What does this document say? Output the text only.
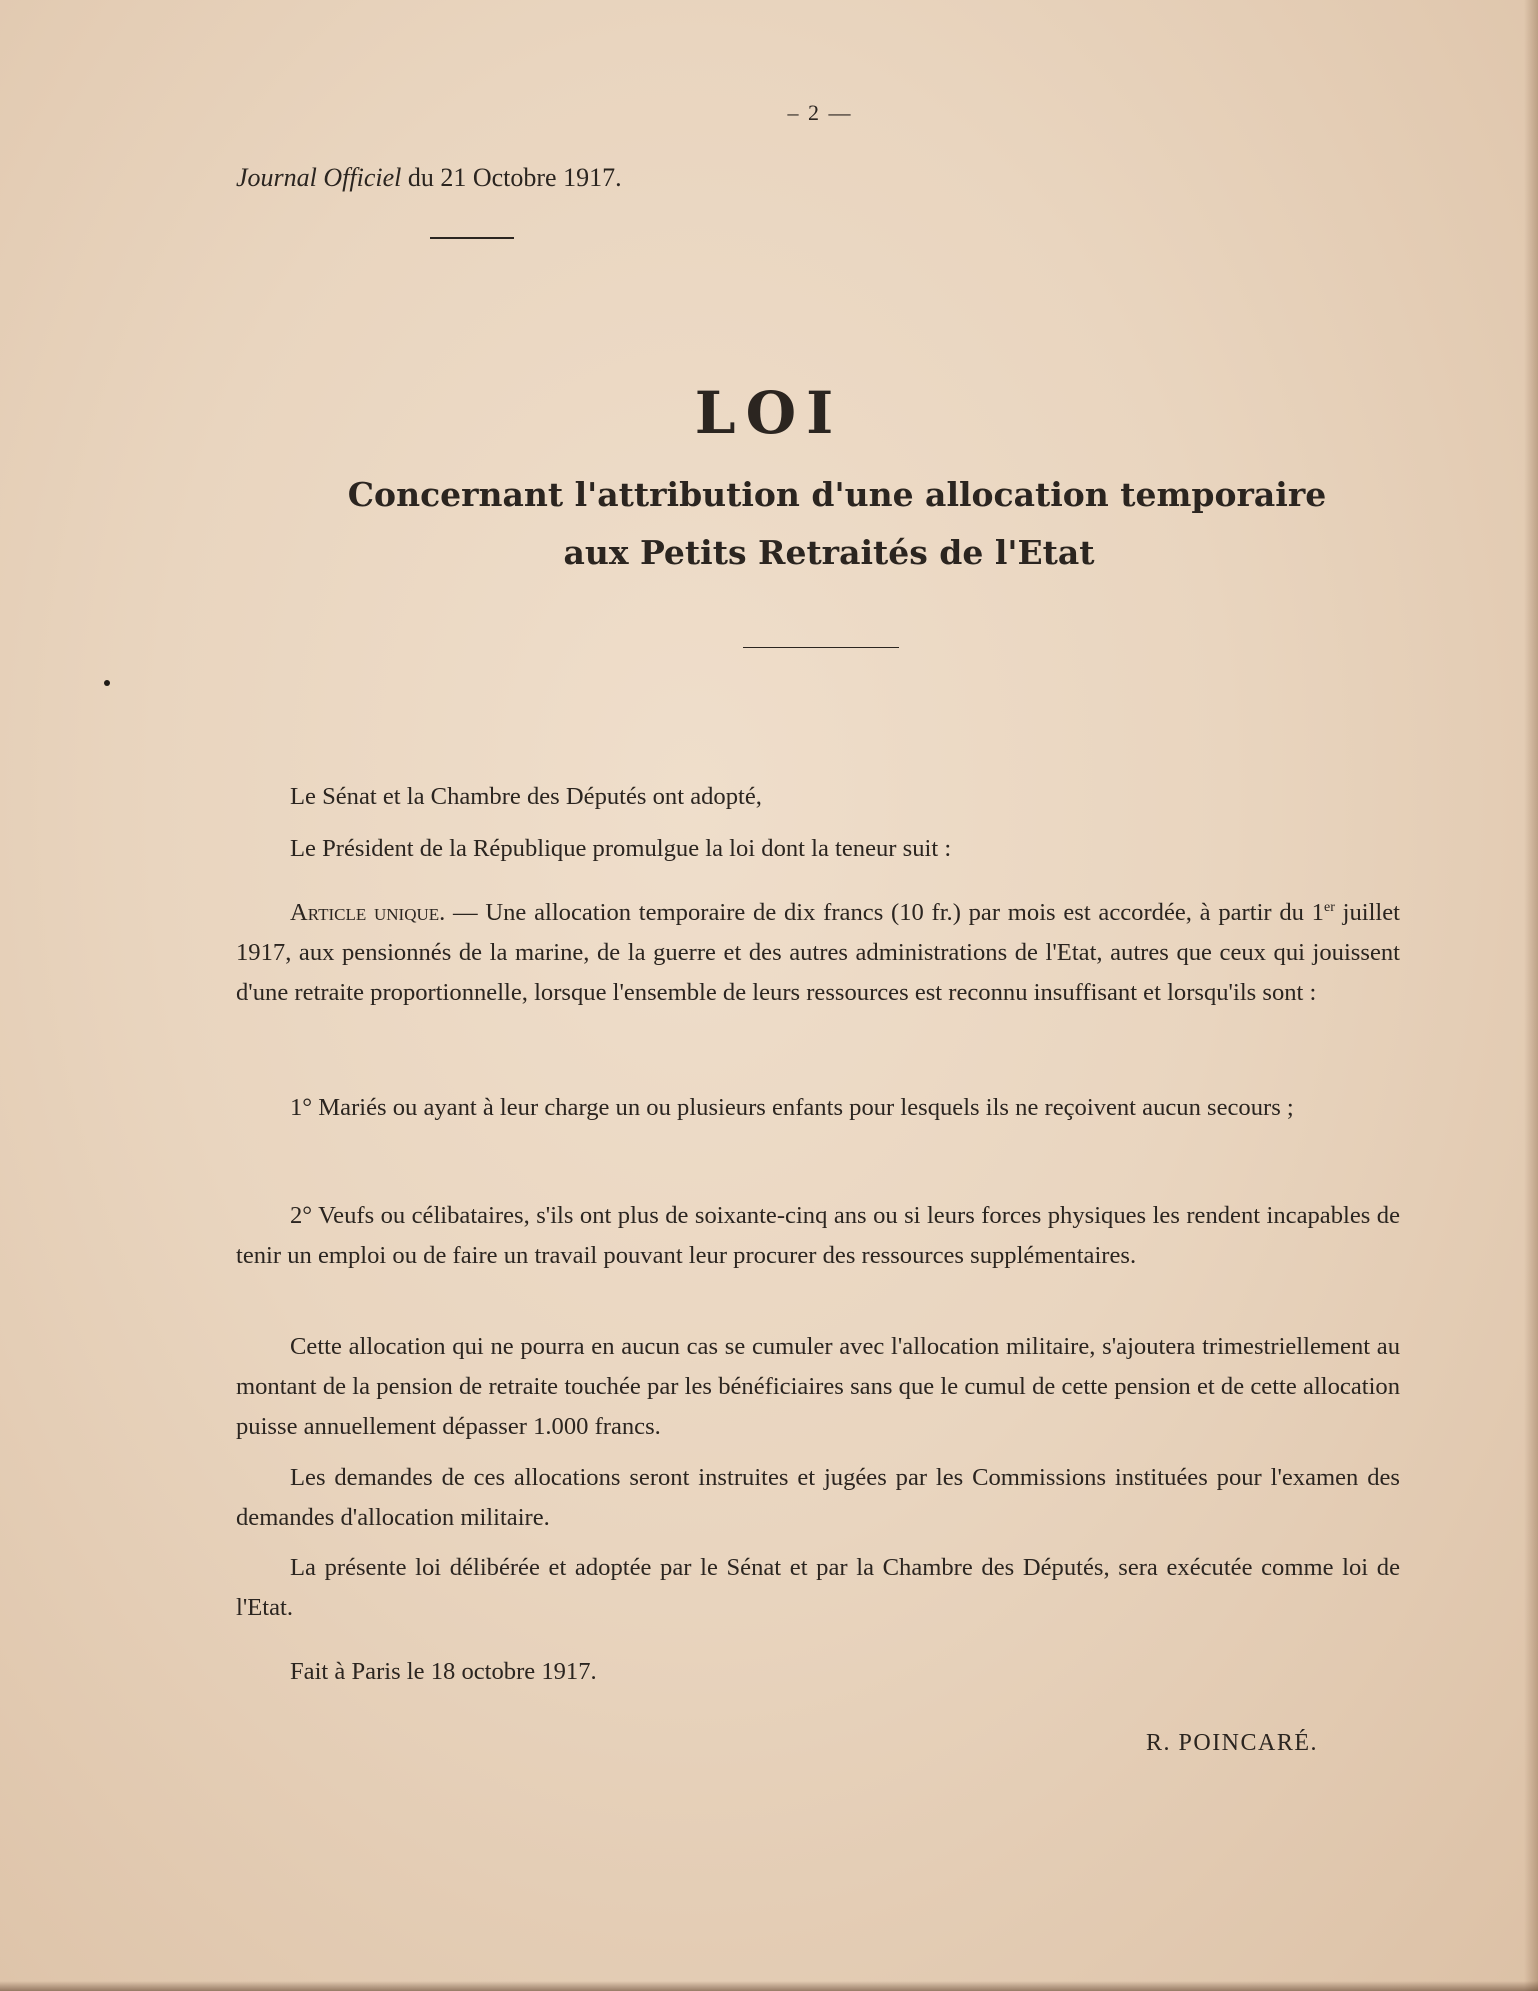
– 2 —
Journal Officiel du 21 Octobre 1917.
LOI
Concernant l'attribution d'une allocation temporaire
aux Petits Retraités de l'Etat

Le Sénat et la Chambre des Députés ont adopté,

Le Président de la République promulgue la loi dont la teneur suit :

Article unique. — Une allocation temporaire de dix francs (10 fr.) par mois est accordée, à partir du 1er juillet 1917, aux pensionnés de la marine, de la guerre et des autres administrations de l'Etat, autres que ceux qui jouissent d'une retraite proportionnelle, lorsque l'ensemble de leurs ressources est reconnu insuffisant et lorsqu'ils sont :

1° Mariés ou ayant à leur charge un ou plusieurs enfants pour lesquels ils ne reçoivent aucun secours ;

2° Veufs ou célibataires, s'ils ont plus de soixante-cinq ans ou si leurs forces physiques les rendent incapables de tenir un emploi ou de faire un travail pouvant leur procurer des ressources supplémentaires.

Cette allocation qui ne pourra en aucun cas se cumuler avec l'allocation militaire, s'ajoutera trimestriellement au montant de la pension de retraite touchée par les bénéficiaires sans que le cumul de cette pension et de cette allocation puisse annuellement dépasser 1.000 francs.

Les demandes de ces allocations seront instruites et jugées par les Commissions instituées pour l'examen des demandes d'allocation militaire.

La présente loi délibérée et adoptée par le Sénat et par la Chambre des Députés, sera exécutée comme loi de l'Etat.

Fait à Paris le 18 octobre 1917.

R. POINCARÉ.
